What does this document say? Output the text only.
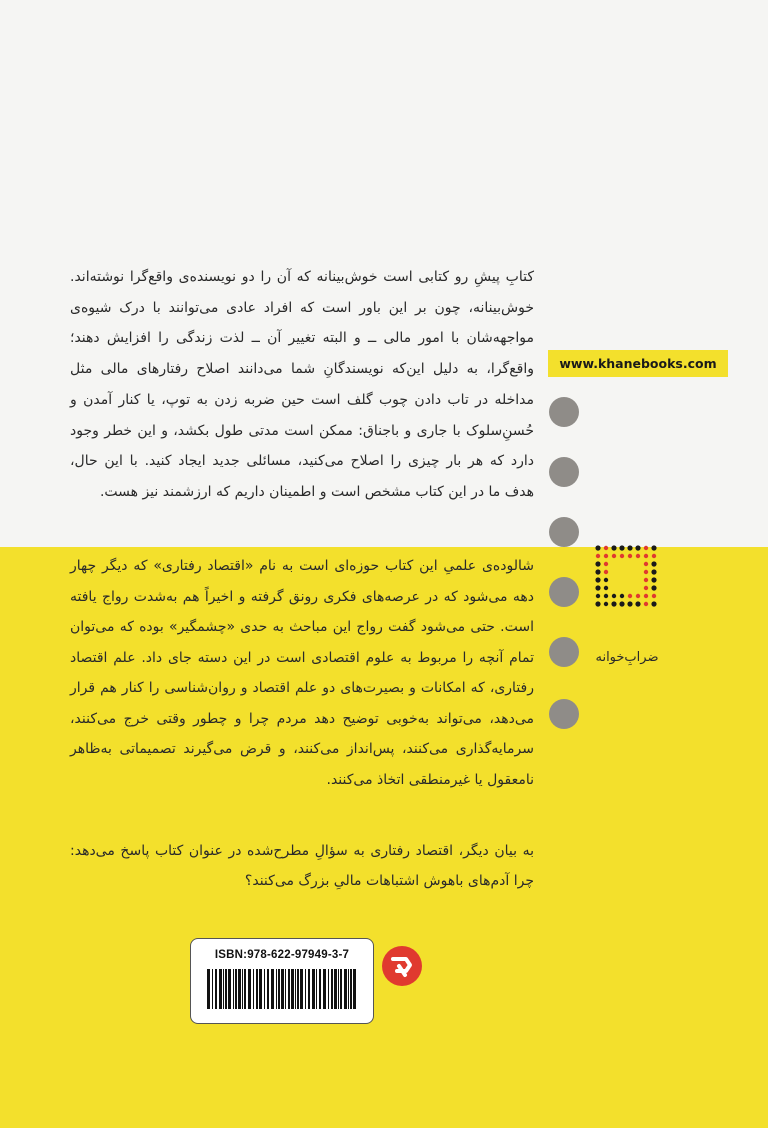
کتابِ پیشِ رو کتابی است خوش‌بینانه که آن را دو نویسنده‌ی واقع‌گرا نوشته‌اند. خوش‌بینانه، چون بر این باور است که افراد عادی می‌توانند با درک شیوه‌ی مواجهه‌شان با امور مالی ــ و البته تغییر آن ــ لذت زندگی را افزایش دهند؛ واقع‌گرا، به دلیل این‌که نویسندگانِ شما می‌دانند اصلاح رفتارهای مالی مثل مداخله در تاب دادن چوب گلف است حین ضربه زدن به توپ، یا کنار آمدن و حُسنِ‌سلوک با جاری و باجناق: ممکن است مدتی طول بکشد، و این خطر وجود دارد که هر بار چیزی را اصلاح می‌کنید، مسائلی جدید ایجاد کنید. با این حال، هدف ما در این کتاب مشخص است و اطمینان داریم که ارزشمند نیز هست.

شالوده‌ی علمیِ این کتاب حوزه‌ای است به نام «اقتصاد رفتاری» که دیگر چهار دهه می‌شود که در عرصه‌های فکری رونق گرفته و اخیراً هم به‌شدت رواج یافته است. حتی می‌شود گفت رواج این مباحث به حدی «چشمگیر» بوده که می‌توان تمام آنچه را مربوط به علوم اقتصادی است در این دسته جای داد. علم اقتصاد رفتاری، که امکانات و بصیرت‌های دو علم اقتصاد و روان‌شناسی را کنار هم قرار می‌دهد، می‌تواند به‌خوبی توضیح دهد مردم چرا و چطور وقتی خرج می‌کنند، سرمایه‌گذاری می‌کنند، پس‌انداز می‌کنند، و قرض می‌گیرند تصمیماتی به‌ظاهر نامعقول یا غیرمنطقی اتخاذ می‌کنند.

به بیان دیگر، اقتصاد رفتاری به سؤالِ مطرح‌شده در عنوان کتاب پاسخ می‌دهد: چرا آدم‌های باهوش اشتباهات مالیِ بزرگ می‌کنند؟

www.khanebooks.com
ضرابِ‌خوانه
ISBN:978-622-97949-3-7
